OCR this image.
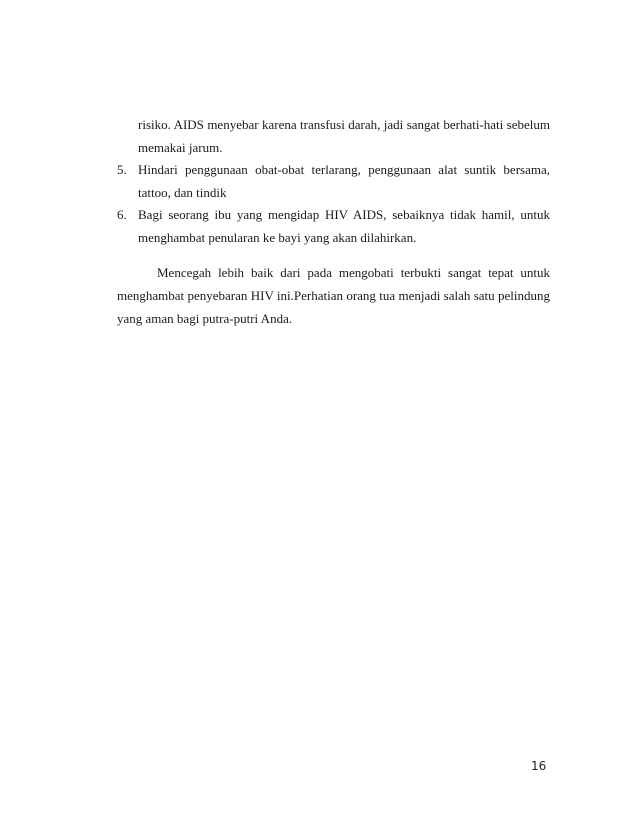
risiko. AIDS menyebar karena transfusi darah, jadi sangat berhati-hati sebelum memakai jarum.

5. Hindari penggunaan obat-obat terlarang, penggunaan alat suntik bersama, tattoo, dan tindik
6. Bagi seorang ibu yang mengidap HIV AIDS, sebaiknya tidak hamil, untuk menghambat penularan ke bayi yang akan dilahirkan.

Mencegah lebih baik dari pada mengobati terbukti sangat tepat untuk menghambat penyebaran HIV ini.Perhatian orang tua menjadi salah satu pelindung yang aman bagi putra-putri Anda.

16
